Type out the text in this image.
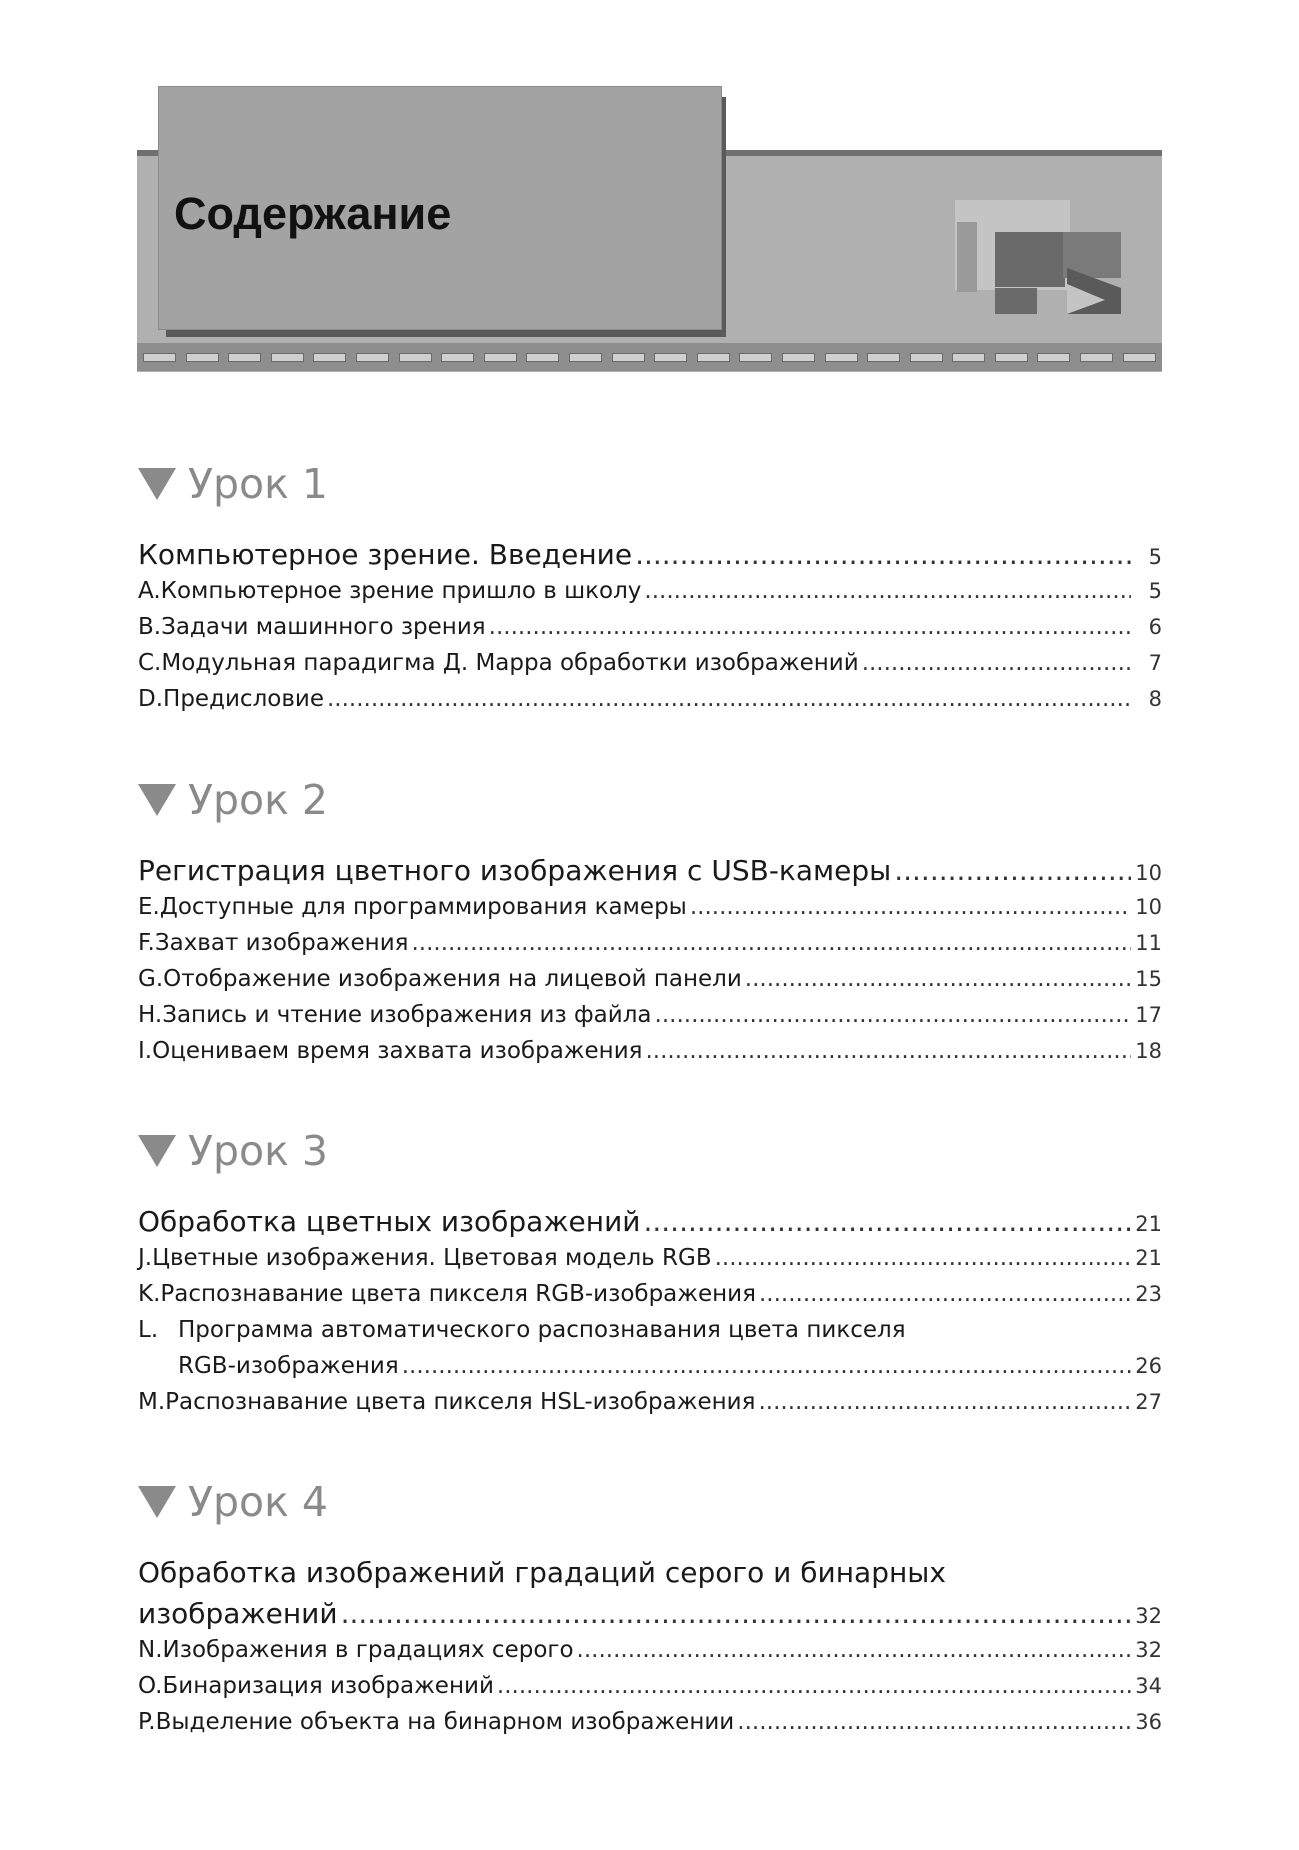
Содержание
Урок 1
Компьютерное зрение. Введение .....	5
A. Компьютерное зрение пришло в школу .....	5
B. Задачи машинного зрения .....	6
C. Модульная парадигма Д. Марра обработки изображений .....	7
D. Предисловие .....	8
Урок 2
Регистрация цветного изображения с USB-камеры .....	10
E. Доступные для программирования камеры .....	10
F. Захват изображения .....	11
G. Отображение изображения на лицевой панели .....	15
H. Запись и чтение изображения из файла .....	17
I. Оцениваем время захвата изображения .....	18
Урок 3
Обработка цветных изображений .....	21
J. Цветные изображения. Цветовая модель RGB .....	21
K. Распознавание цвета пикселя RGB-изображения .....	23
L. Программа автоматического распознавания цвета пикселя
RGB-изображения .....	26
M. Распознавание цвета пикселя HSL-изображения .....	27
Урок 4
Обработка изображений градаций серого и бинарных
изображений .....	32
N. Изображения в градациях серого .....	32
O. Бинаризация изображений .....	34
P. Выделение объекта на бинарном изображении .....	36
